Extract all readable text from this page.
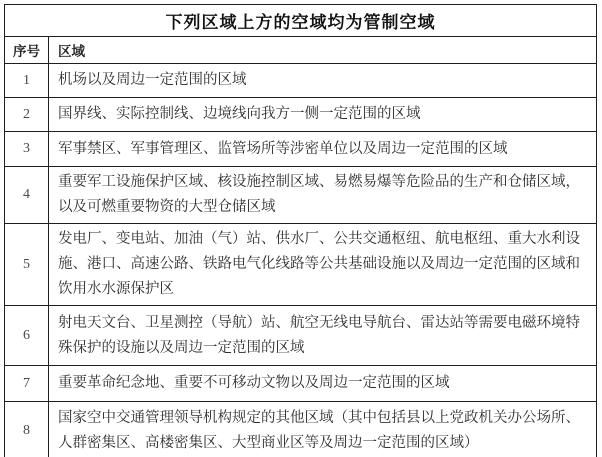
下列区域上方的空域均为管制空域	
序号	区域
1	机场以及周边一定范围的区域
2	国界线、实际控制线、边境线向我方一侧一定范围的区域
3	军事禁区、军事管理区、监管场所等涉密单位以及周边一定范围的区域
4	重要军工设施保护区域、核设施控制区域、易燃易爆等危险品的生产和仓储区域，以及可燃重要物资的大型仓储区域
5	发电厂、变电站、加油（气）站、供水厂、公共交通枢纽、航电枢纽、重大水利设施、港口、高速公路、铁路电气化线路等公共基础设施以及周边一定范围的区域和饮用水水源保护区
6	射电天文台、卫星测控（导航）站、航空无线电导航台、雷达站等需要电磁环境特殊保护的设施以及周边一定范围的区域
7	重要革命纪念地、重要不可移动文物以及周边一定范围的区域
8	国家空中交通管理领导机构规定的其他区域（其中包括县以上党政机关办公场所、人群密集区、高楼密集区、大型商业区等及周边一定范围的区域）
